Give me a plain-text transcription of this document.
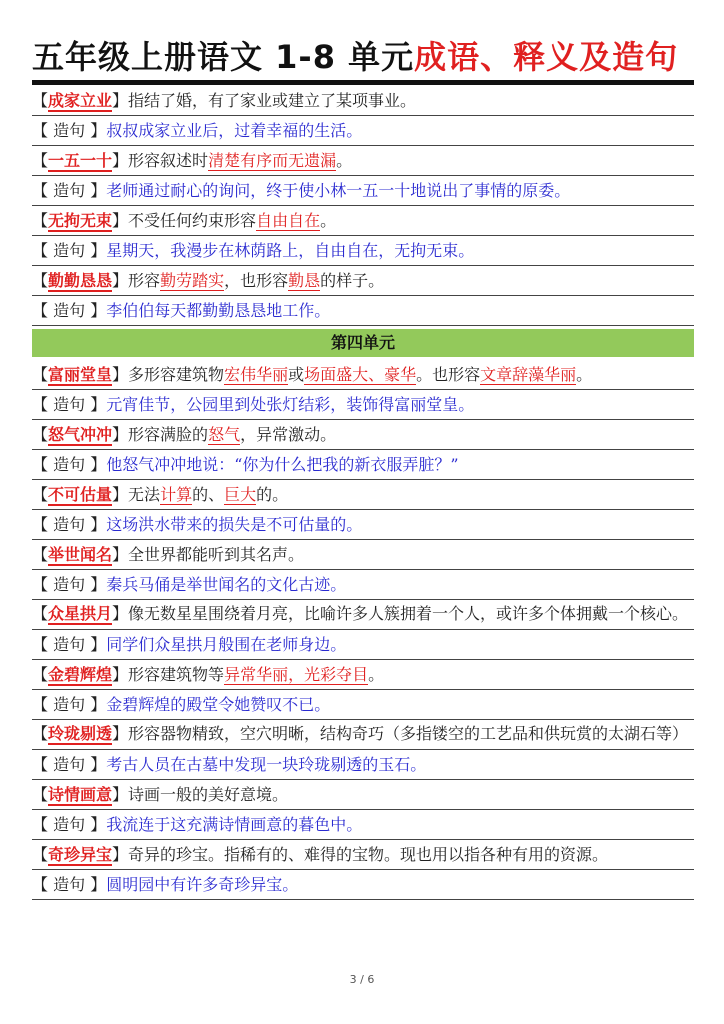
五年级上册语文 1-8 单元 成语、释义及造句
【成家立业】指结了婚，有了家业或建立了某项事业。
【 造句 】叔叔成家立业后，过着幸福的生活。
【一五一十】形容叙述时清楚有序而无遗漏。
【 造句 】老师通过耐心的询问，终于使小林一五一十地说出了事情的原委。
【无拘无束】不受任何约束形容自由自在。
【 造句 】星期天，我漫步在林荫路上，自由自在，无拘无束。
【勤勤恳恳】形容勤劳踏实，也形容勤恳的样子。
【 造句 】李伯伯每天都勤勤恳恳地工作。
第四单元
【富丽堂皇】多形容建筑物宏伟华丽或场面盛大、豪华。也形容文章辞藻华丽。
【 造句 】元宵佳节，公园里到处张灯结彩，装饰得富丽堂皇。
【怒气冲冲】形容满脸的怒气，异常激动。
【 造句 】他怒气冲冲地说：“你为什么把我的新衣服弄脏？”
【不可估量】无法计算的、巨大的。
【 造句 】这场洪水带来的损失是不可估量的。
【举世闻名】全世界都能听到其名声。
【 造句 】秦兵马俑是举世闻名的文化古迹。
【众星拱月】像无数星星围绕着月亮，比喻许多人簇拥着一个人，或许多个体拥戴一个核心。
【 造句 】同学们众星拱月般围在老师身边。
【金碧辉煌】形容建筑物等异常华丽，光彩夺目。
【 造句 】金碧辉煌的殿堂令她赞叹不已。
【玲珑剔透】形容器物精致，空穴明晰，结构奇巧（多指镂空的工艺品和供玩赏的太湖石等）
【 造句 】考古人员在古墓中发现一块玲珑剔透的玉石。
【诗情画意】诗画一般的美好意境。
【 造句 】我流连于这充满诗情画意的暮色中。
【奇珍异宝】奇异的珍宝。指稀有的、难得的宝物。现也用以指各种有用的资源。
【 造句 】圆明园中有许多奇珍异宝。
3 / 6
